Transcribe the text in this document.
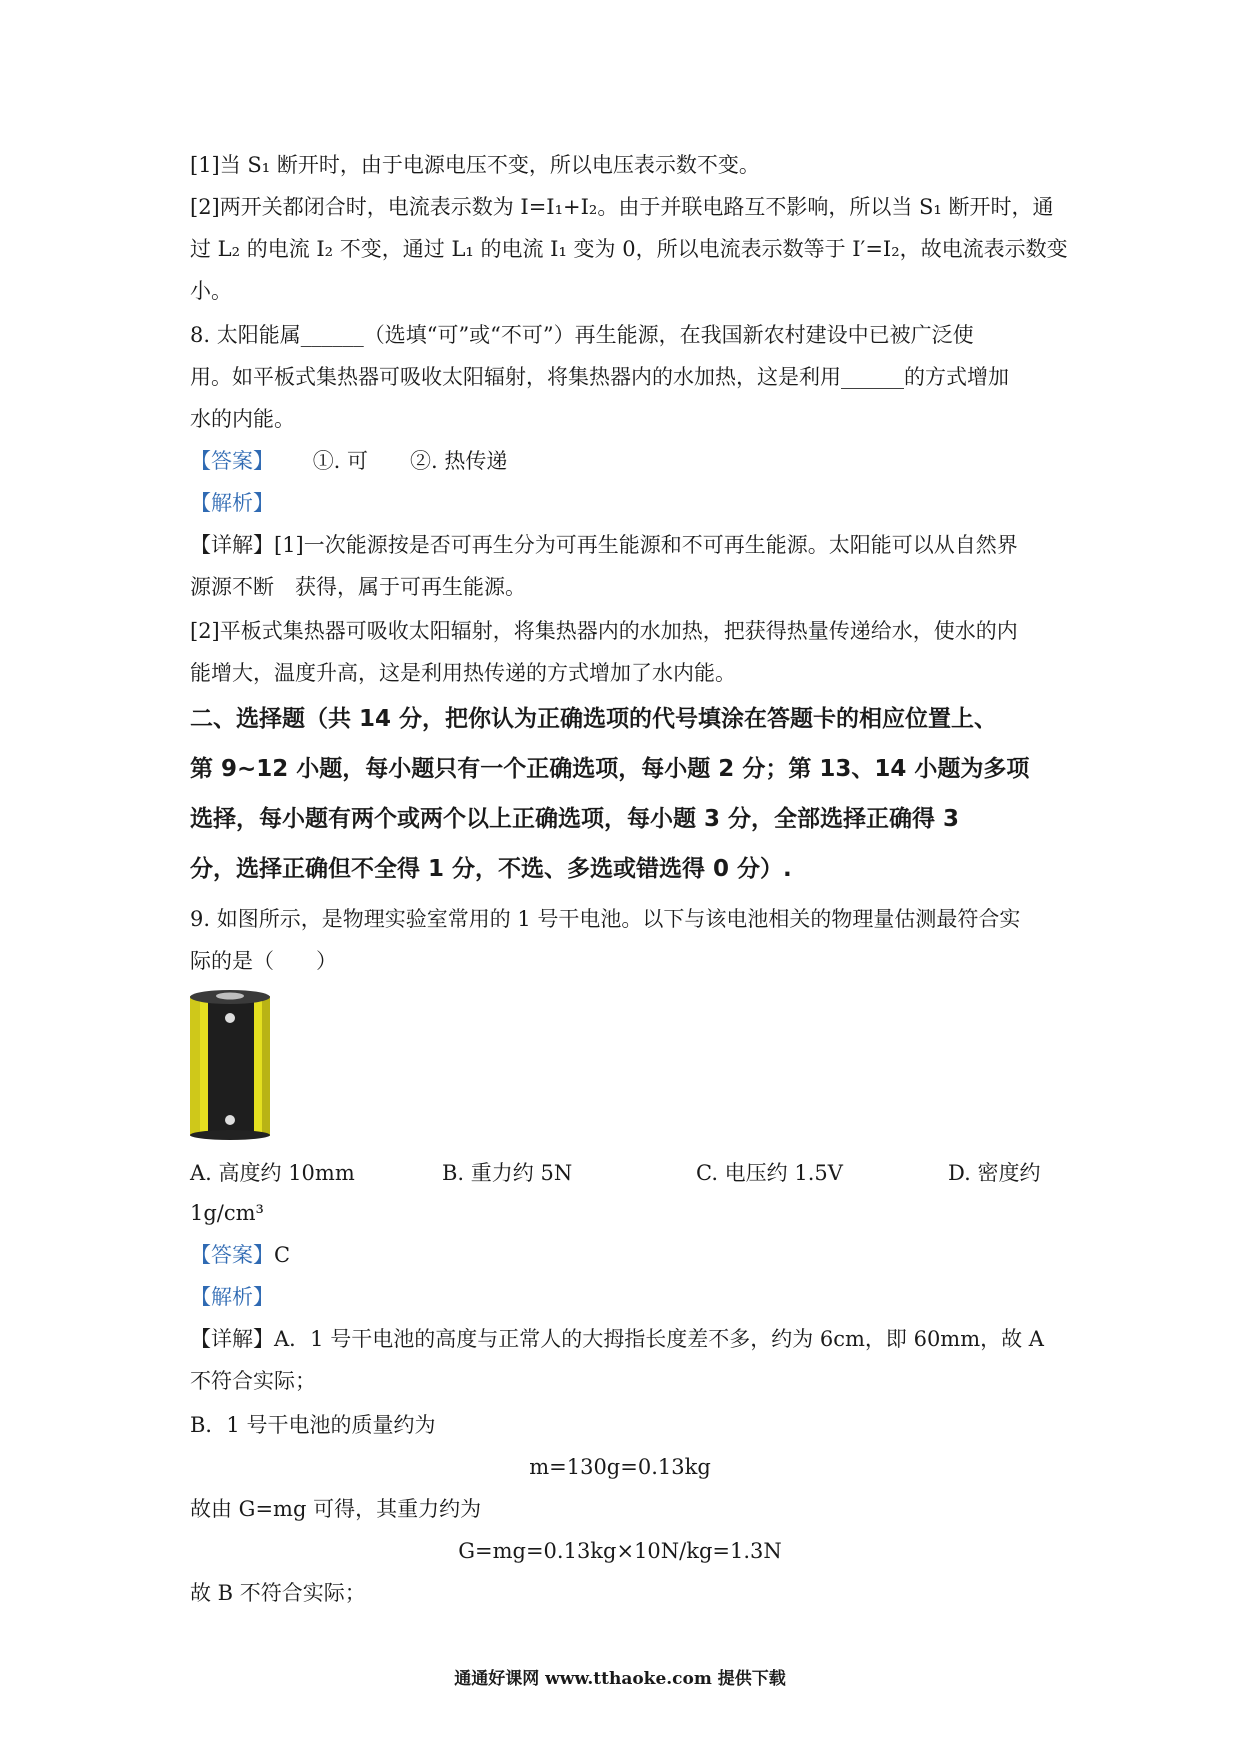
[1]当 S₁ 断开时，由于电源电压不变，所以电压表示数不变。
[2]两开关都闭合时，电流表示数为 I=I₁+I₂。由于并联电路互不影响，所以当 S₁ 断开时，通
过 L₂ 的电流 I₂ 不变，通过 L₁ 的电流 I₁ 变为 0，所以电流表示数等于 I′=I₂，故电流表示数变
小。
8. 太阳能属______（选填“可”或“不可”）再生能源，在我国新农村建设中已被广泛使
用。如平板式集热器可吸收太阳辐射，将集热器内的水加热，这是利用______的方式增加
水的内能。
【答案】 ①. 可　　②. 热传递
【解析】
【详解】[1]一次能源按是否可再生分为可再生能源和不可再生能源。太阳能可以从自然界
源源不断　获得，属于可再生能源。
[2]平板式集热器可吸收太阳辐射，将集热器内的水加热，把获得热量传递给水，使水的内
能增大，温度升高，这是利用热传递的方式增加了水内能。
二、选择题（共 14 分，把你认为正确选项的代号填涂在答题卡的相应位置上、
第 9~12 小题，每小题只有一个正确选项，每小题 2 分；第 13、14 小题为多项
选择，每小题有两个或两个以上正确选项，每小题 3 分，全部选择正确得 3
分，选择正确但不全得 1 分，不选、多选或错选得 0 分）.
9. 如图所示，是物理实验室常用的 1 号干电池。以下与该电池相关的物理量估测最符合实
际的是（　　）
A. 高度约 10mm	B. 重力约 5N	C. 电压约 1.5V	D. 密度约
1g/cm³
【答案】C
【解析】
【详解】A．1 号干电池的高度与正常人的大拇指长度差不多，约为 6cm，即 60mm，故 A
不符合实际；
B．1 号干电池的质量约为
m=130g=0.13kg
故由 G=mg 可得，其重力约为
G=mg=0.13kg×10N/kg=1.3N
故 B 不符合实际；
通通好课网 www.tthaoke.com 提供下载
